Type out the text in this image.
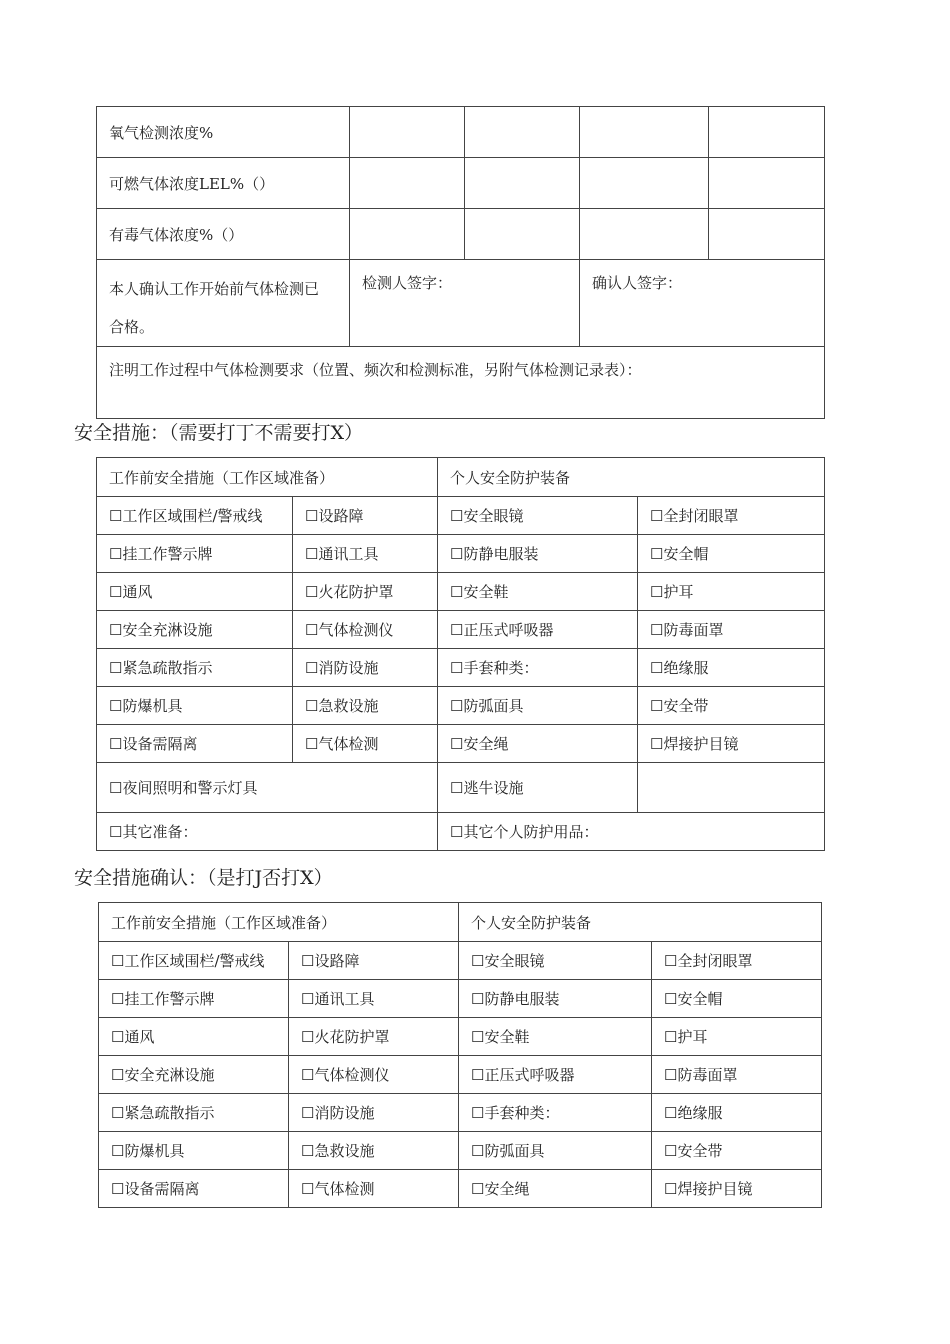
氧气检测浓度%				
可燃气体浓度LEL%（）				
有毒气体浓度%（）				
本人确认工作开始前气体检测已
合格。	检测人签字：		确认人签字：	
注明工作过程中气体检测要求（位置、频次和检测标准，另附气体检测记录表）：				
安全措施：（需要打丁不需要打X）
工作前安全措施（工作区域准备）		个人安全防护装备	
☐工作区域围栏/警戒线	☐设路障	☐安全眼镜	☐全封闭眼罩
☐挂工作警示牌	☐通讯工具	☐防静电服装	☐安全帽
☐通风	☐火花防护罩	☐安全鞋	☐护耳
☐安全充淋设施	☐气体检测仪	☐正压式呼吸器	☐防毒面罩
☐紧急疏散指示	☐消防设施	☐手套种类：	☐绝缘服
☐防爆机具	☐急救设施	☐防弧面具	☐安全带
☐设备需隔离	☐气体检测	☐安全绳	☐焊接护目镜
☐夜间照明和警示灯具		☐逃牛设施	
☐其它准备：		☐其它个人防护用品：	
安全措施确认：（是打J否打X）
工作前安全措施（工作区域准备）		个人安全防护装备	
☐工作区域围栏/警戒线	☐设路障	☐安全眼镜	☐全封闭眼罩
☐挂工作警示牌	☐通讯工具	☐防静电服装	☐安全帽
☐通风	☐火花防护罩	☐安全鞋	☐护耳
☐安全充淋设施	☐气体检测仪	☐正压式呼吸器	☐防毒面罩
☐紧急疏散指示	☐消防设施	☐手套种类：	☐绝缘服
☐防爆机具	☐急救设施	☐防弧面具	☐安全带
☐设备需隔离	☐气体检测	☐安全绳	☐焊接护目镜
